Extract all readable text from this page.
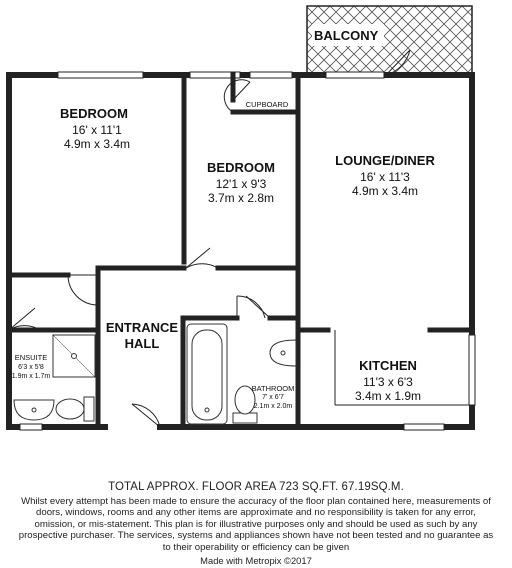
BALCONY
BEDROOM
16' x 11'1
4.9m x 3.4m
CUPBOARD
BEDROOM
12'1 x 9'3
3.7m x 2.8m
LOUNGE/DINER
16' x 11'3
4.9m x 3.4m
ENTRANCE
HALL
ENSUITE
6'3 x 5'8
1.9m x 1.7m
BATHROOM
7' x 6'7
2.1m x 2.0m
KITCHEN
11'3 x 6'3
3.4m x 1.9m
TOTAL APPROX. FLOOR AREA 723 SQ.FT. 67.19SQ.M.
Whilst every attempt has been made to ensure the accuracy of the floor plan contained here, measurements of doors, windows, rooms and any other items are approximate and no responsibility is taken for any error, omission, or mis-statement. This plan is for illustrative purposes only and should be used as such by any prospective purchaser. The services, systems and appliances shown have not been tested and no guarantee as to their operability or efficiency can be given
Made with Metropix ©2017
